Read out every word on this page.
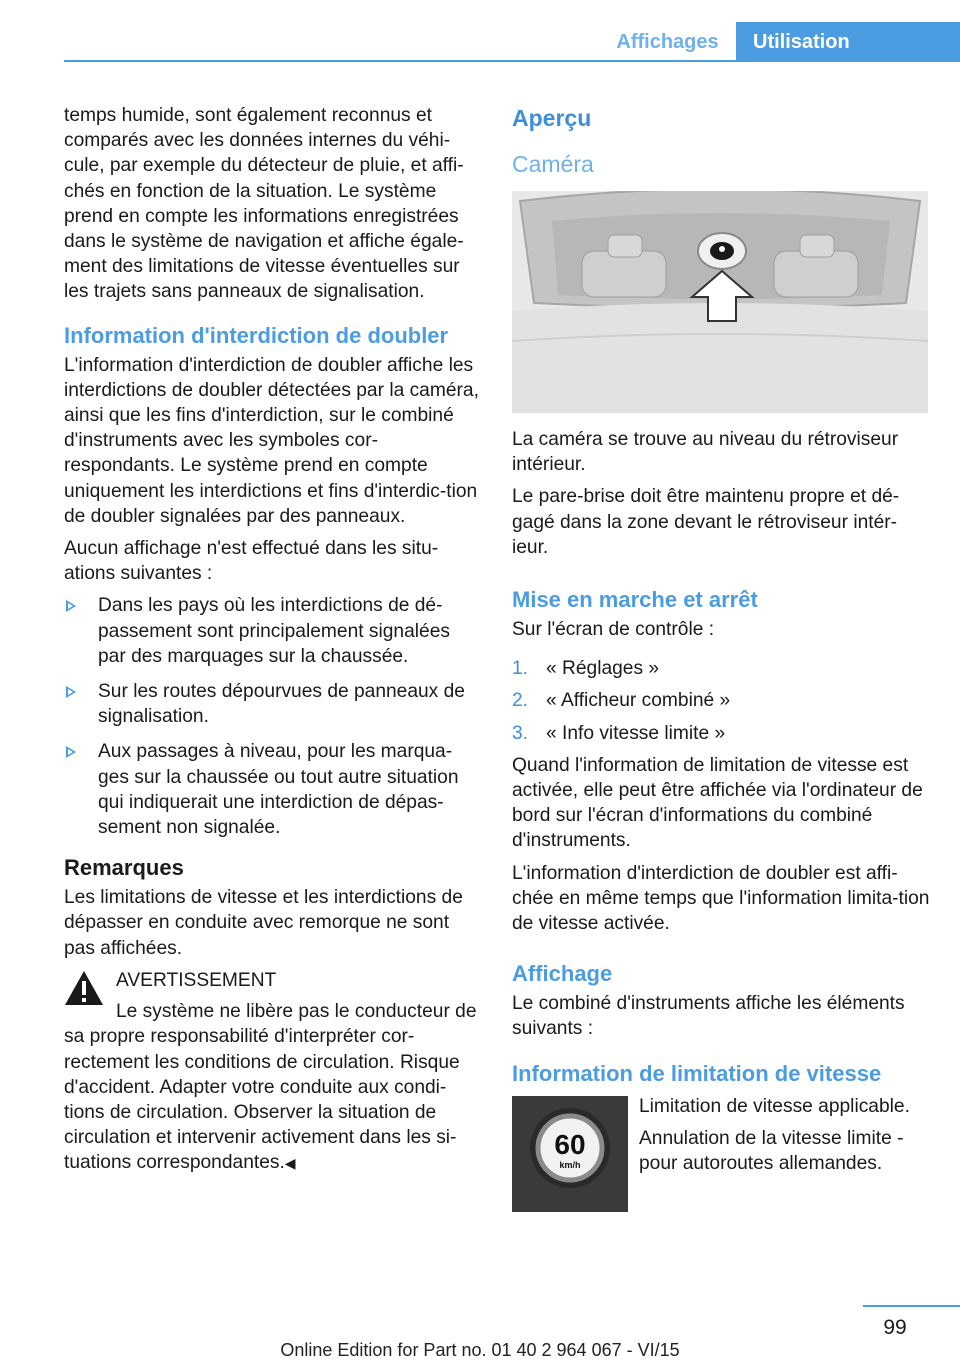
Affichages	Utilisation

temps humide, sont également reconnus et comparés avec les données internes du véhi-cule, par exemple du détecteur de pluie, et affi-chés en fonction de la situation. Le système prend en compte les informations enregistrées dans le système de navigation et affiche égale-ment des limitations de vitesse éventuelles sur les trajets sans panneaux de signalisation.

Information d'interdiction de doubler

L'information d'interdiction de doubler affiche les interdictions de doubler détectées par la caméra, ainsi que les fins d'interdiction, sur le combiné d'instruments avec les symboles cor-respondants. Le système prend en compte uniquement les interdictions et fins d'interdic-tion de doubler signalées par des panneaux.

Aucun affichage n'est effectué dans les situ-ations suivantes :

Dans les pays où les interdictions de dé-passement sont principalement signalées par des marquages sur la chaussée.
Sur les routes dépourvues de panneaux de signalisation.
Aux passages à niveau, pour les marqua-ges sur la chaussée ou tout autre situation qui indiquerait une interdiction de dépas-sement non signalée.
Remarques

Les limitations de vitesse et les interdictions de dépasser en conduite avec remorque ne sont pas affichées.

AVERTISSEMENT

Le système ne libère pas le conducteur de sa propre responsabilité d'interpréter cor-rectement les conditions de circulation. Risque d'accident. Adapter votre conduite aux condi-tions de circulation. Observer la situation de circulation et intervenir activement dans les si-tuations correspondantes.◀

Aperçu
Caméra

La caméra se trouve au niveau du rétroviseur intérieur.

Le pare-brise doit être maintenu propre et dé-gagé dans la zone devant le rétroviseur intér-ieur.

Mise en marche et arrêt

Sur l'écran de contrôle :

1. « Réglages »
2. « Afficheur combiné »
3. « Info vitesse limite »

Quand l'information de limitation de vitesse est activée, elle peut être affichée via l'ordinateur de bord sur l'écran d'informations du combiné d'instruments.

L'information d'interdiction de doubler est affi-chée en même temps que l'information limita-tion de vitesse activée.

Affichage

Le combiné d'instruments affiche les éléments suivants :

Information de limitation de vitesse
60
km/h

Limitation de vitesse applicable.

Annulation de la vitesse limite - pour autoroutes allemandes.

99
Online Edition for Part no. 01 40 2 964 067 - VI/15
